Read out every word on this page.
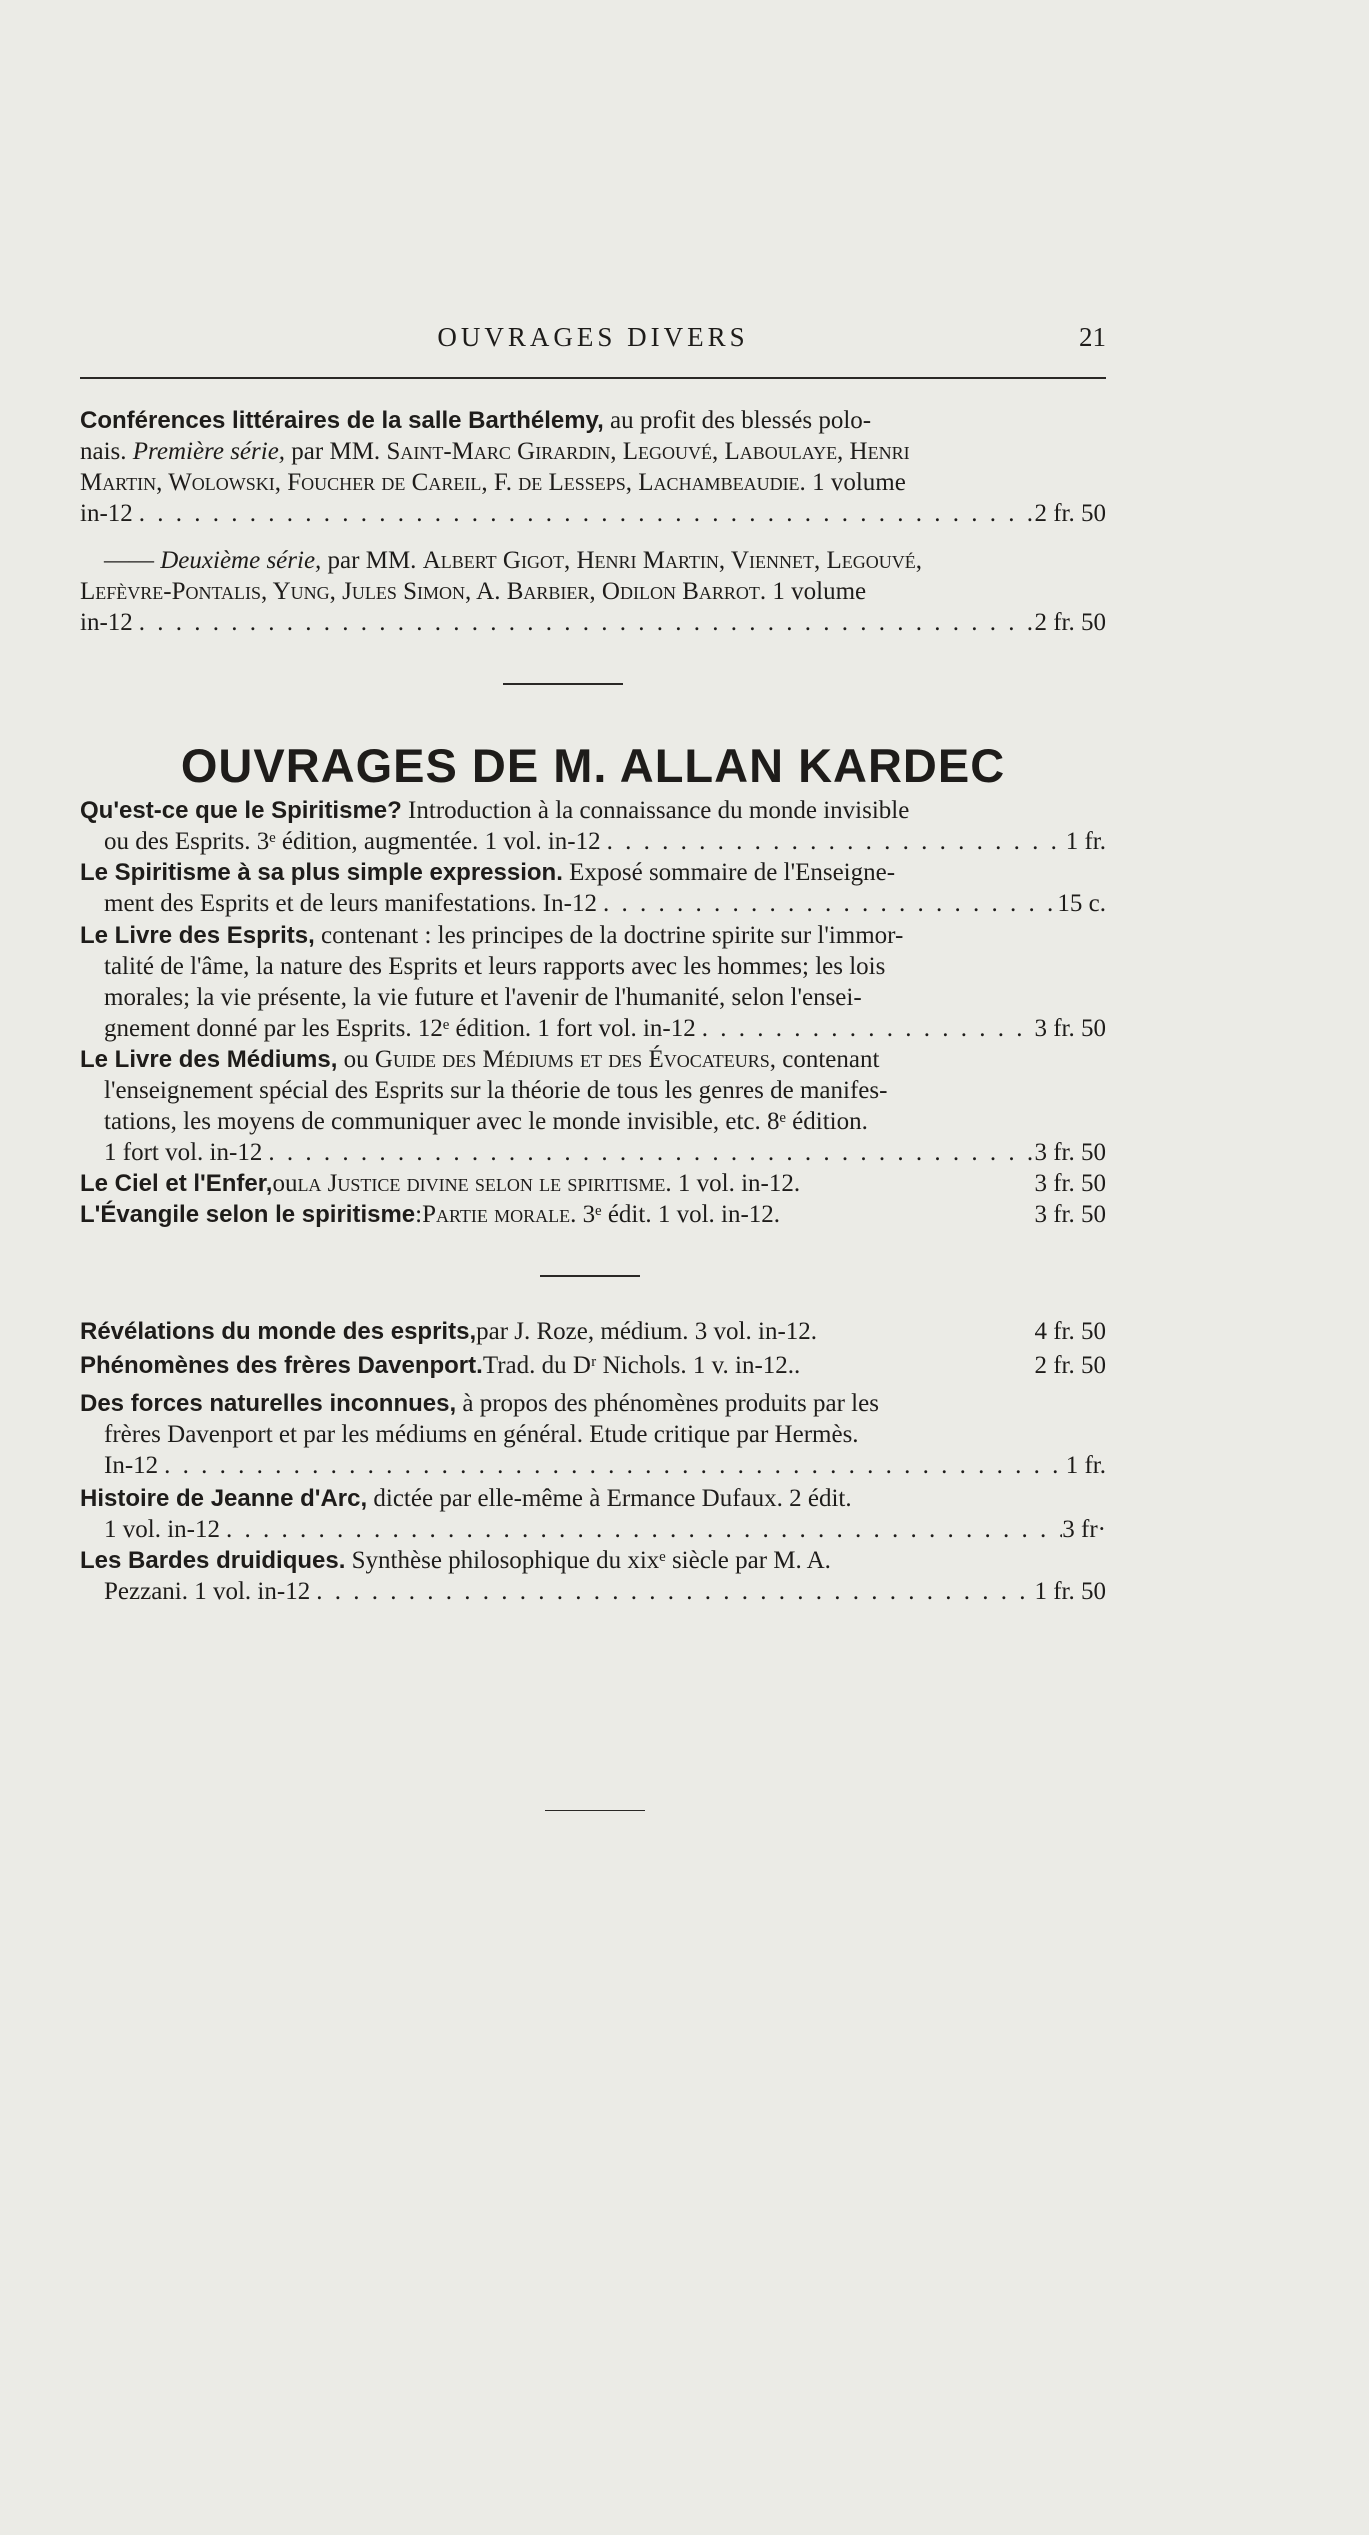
OUVRAGES DIVERS	21
Conférences littéraires de la salle Barthélemy, au profit des blessés polo-
nais. Première série, par MM. Saint-Marc Girardin, Legouvé, Laboulaye, Henri
Martin, Wolowski, Foucher de Careil, F. de Lesseps, Lachambeaudie. 1 volume
in-12 . . .	2 fr. 50
—— Deuxième série, par MM. Albert Gigot, Henri Martin, Viennet, Legouvé,
Lefèvre-Pontalis, Yung, Jules Simon, A. Barbier, Odilon Barrot. 1 volume
in-12 . . .	2 fr. 50
OUVRAGES DE M. ALLAN KARDEC
Qu'est-ce que le Spiritisme? Introduction à la connaissance du monde invisible
ou des Esprits. 3ᵉ édition, augmentée. 1 vol. in-12 . . .	1 fr.
Le Spiritisme à sa plus simple expression. Exposé sommaire de l'Enseigne-
ment des Esprits et de leurs manifestations. In-12 . . .	15 c.
Le Livre des Esprits, contenant : les principes de la doctrine spirite sur l'immor-
talité de l'âme, la nature des Esprits et leurs rapports avec les hommes; les lois
morales; la vie présente, la vie future et l'avenir de l'humanité, selon l'ensei-
gnement donné par les Esprits. 12ᵉ édition. 1 fort vol. in-12 . . .	3 fr. 50
Le Livre des Médiums, ou Guide des Médiums et des Évocateurs, contenant
l'enseignement spécial des Esprits sur la théorie de tous les genres de manifes-
tations, les moyens de communiquer avec le monde invisible, etc. 8ᵉ édition.
1 fort vol. in-12 . . .	3 fr. 50
Le Ciel et l'Enfer, ou la Justice divine selon le spiritisme . 1 vol. in-12.	3 fr. 50
L'Évangile selon le spiritisme : Partie morale . 3ᵉ édit. 1 vol. in-12.	3 fr. 50
Révélations du monde des esprits, par J. Roze, médium. 3 vol. in-12.	4 fr. 50
Phénomènes des frères Davenport. Trad. du Dʳ Nichols. 1 v. in-12..	2 fr. 50
Des forces naturelles inconnues, à propos des phénomènes produits par les
frères Davenport et par les médiums en général. Etude critique par Hermès.
In-12 . . .	1 fr.
Histoire de Jeanne d'Arc, dictée par elle-même à Ermance Dufaux. 2 édit.
1 vol. in-12 . . .	3 fr·
Les Bardes druidiques. Synthèse philosophique du xixᵉ siècle par M. A.
Pezzani. 1 vol. in-12 . . .	1 fr. 50
